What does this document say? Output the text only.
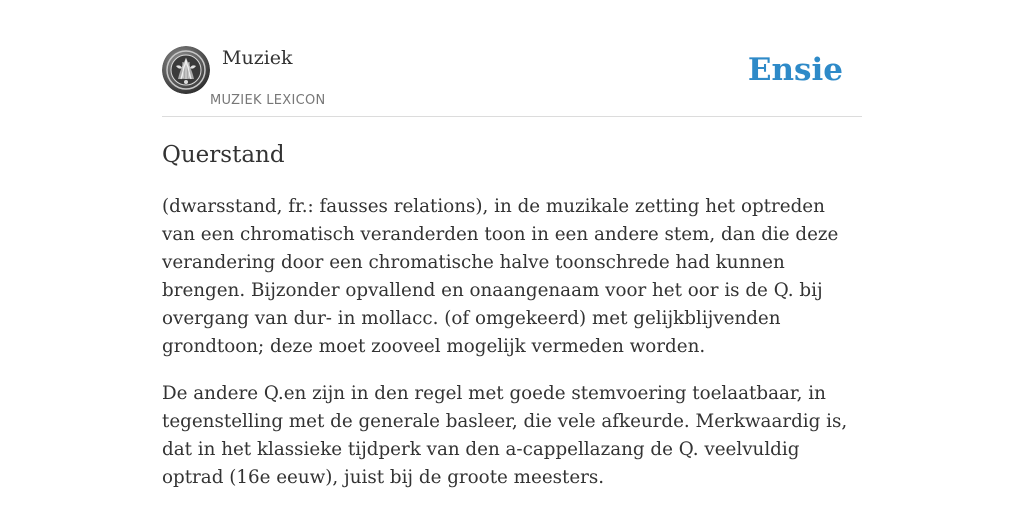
Muziek
MUZIEK LEXICON
Ensie
Querstand

(dwarsstand, fr.: fausses relations), in de muzikale zetting het optreden van een chromatisch veranderden toon in een andere stem, dan die deze verandering door een chromatische halve toonschrede had kunnen brengen. Bijzonder opvallend en onaangenaam voor het oor is de Q. bij overgang van dur- in mollacc. (of omgekeerd) met gelijkblijvenden grondtoon; deze moet zooveel mogelijk vermeden worden.

De andere Q.en zijn in den regel met goede stemvoering toelaatbaar, in tegenstelling met de generale basleer, die vele afkeurde. Merkwaardig is, dat in het klassieke tijdperk van den a-cappellazang de Q. veelvuldig optrad (16e eeuw), juist bij de groote meesters.
